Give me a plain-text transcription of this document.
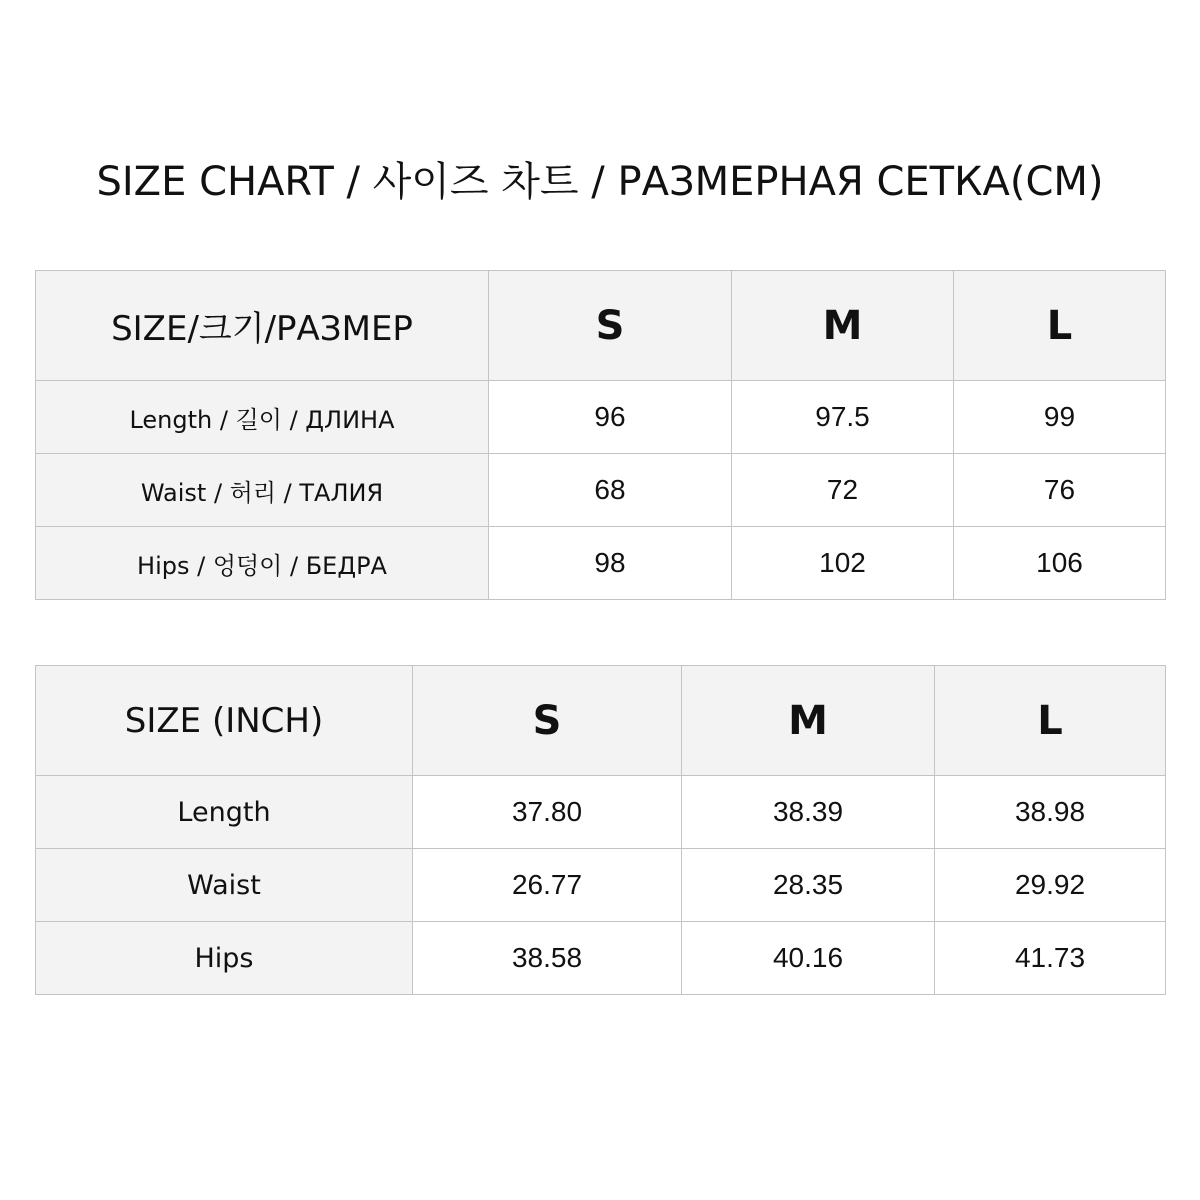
SIZE CHART / 사이즈 차트 / РАЗМЕРНАЯ СЕТКА(CM)
SIZE/크기/РАЗМЕР	S	M	L
Length / 길이 / ДЛИНА	96	97.5	99
Waist / 허리 / ТАЛИЯ	68	72	76
Hips / 엉덩이 / БЕДРА	98	102	106
SIZE (INCH)	S	M	L
Length	37.80	38.39	38.98
Waist	26.77	28.35	29.92
Hips	38.58	40.16	41.73
